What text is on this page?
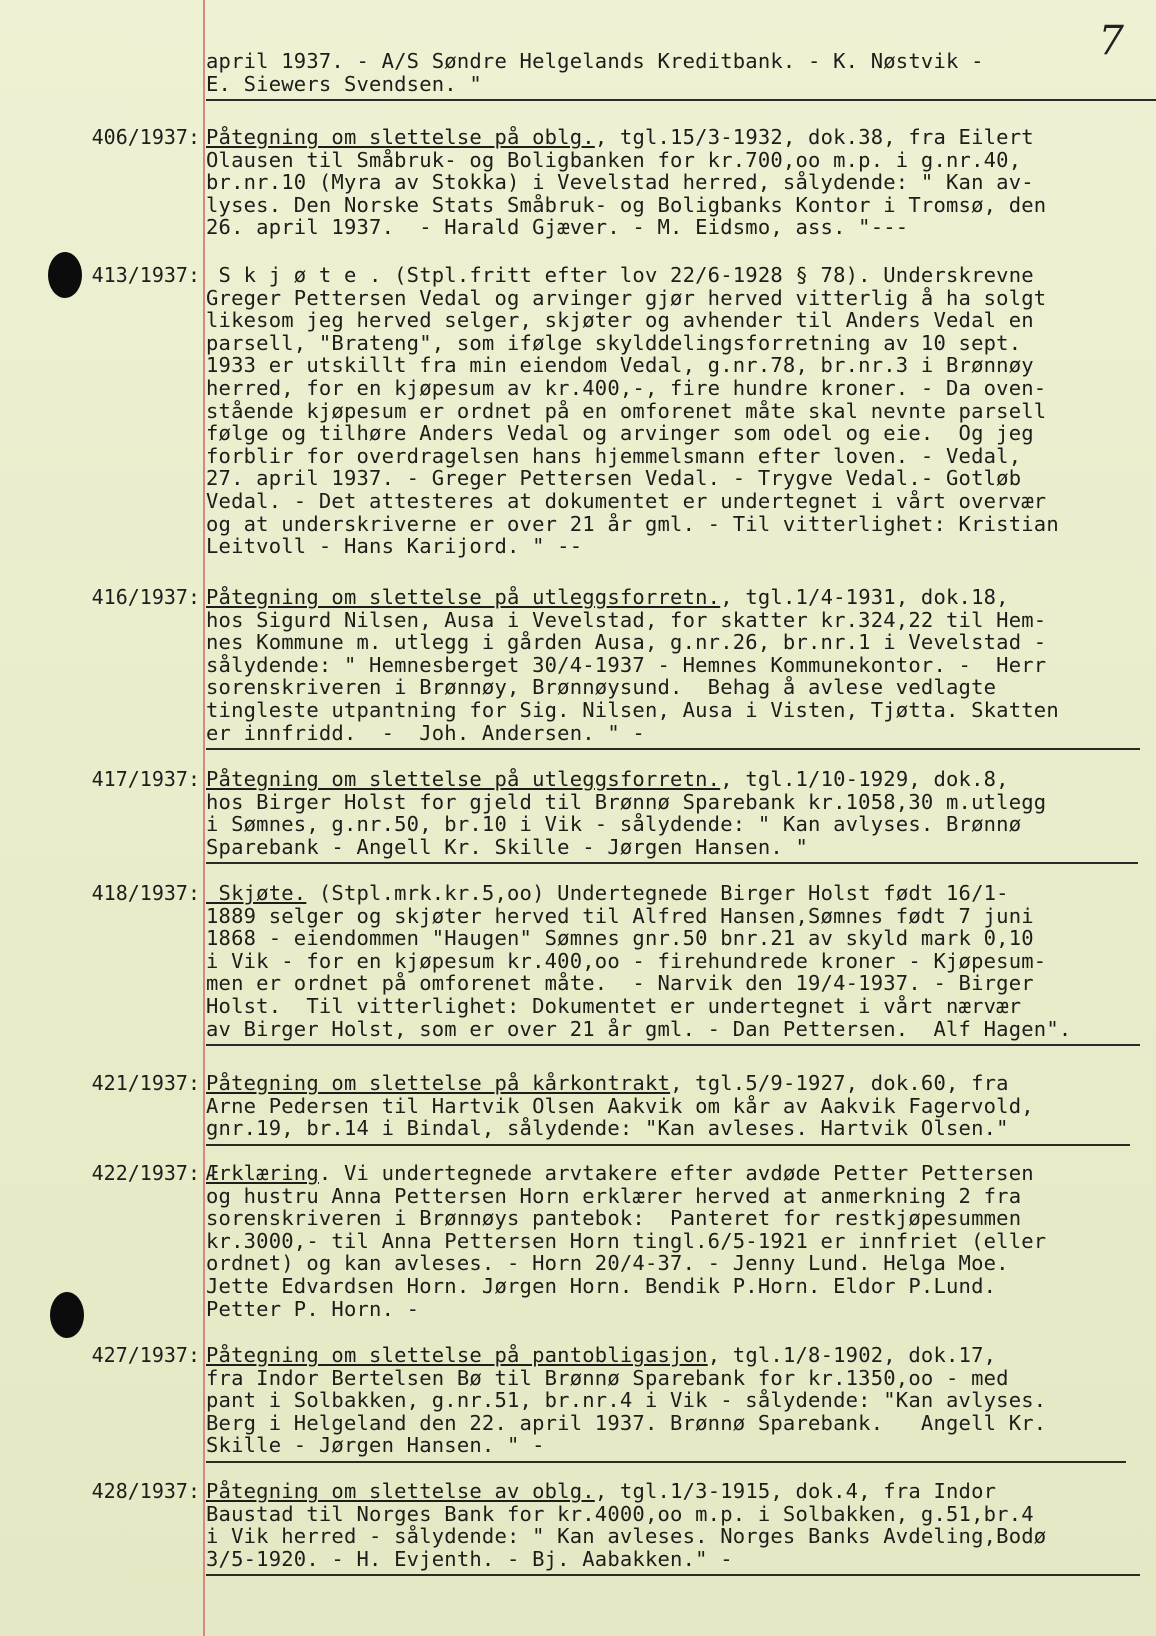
7
april 1937. - A/S Søndre Helgelands Kreditbank. - K. Nøstvik -
E. Siewers Svendsen. "
406/1937: Påtegning om slettelse på oblg., tgl.15/3-1932, dok.38, fra Eilert
Olausen til Småbruk- og Boligbanken for kr.700,oo m.p. i g.nr.40,
br.nr.10 (Myra av Stokka) i Vevelstad herred, sålydende: " Kan av-
lyses. Den Norske Stats Småbruk- og Boligbanks Kontor i Tromsø, den
26. april 1937.  - Harald Gjæver. - M. Eidsmo, ass. "---
413/1937: S k j ø t e . (Stpl.fritt efter lov 22/6-1928 § 78). Underskrevne
Greger Pettersen Vedal og arvinger gjør herved vitterlig å ha solgt
likesom jeg herved selger, skjøter og avhender til Anders Vedal en
parsell, "Brateng", som ifølge skylddelingsforretning av 10 sept.
1933 er utskillt fra min eiendom Vedal, g.nr.78, br.nr.3 i Brønnøy
herred, for en kjøpesum av kr.400,-, fire hundre kroner. - Da oven-
stående kjøpesum er ordnet på en omforenet måte skal nevnte parsell
følge og tilhøre Anders Vedal og arvinger som odel og eie.  Og jeg
forblir for overdragelsen hans hjemmelsmann efter loven. - Vedal,
27. april 1937. - Greger Pettersen Vedal. - Trygve Vedal.- Gotløb
Vedal. - Det attesteres at dokumentet er undertegnet i vårt overvær
og at underskriverne er over 21 år gml. - Til vitterlighet: Kristian
Leitvoll - Hans Karijord. " --
416/1937: Påtegning om slettelse på utleggsforretn., tgl.1/4-1931, dok.18,
hos Sigurd Nilsen, Ausa i Vevelstad, for skatter kr.324,22 til Hem-
nes Kommune m. utlegg i gården Ausa, g.nr.26, br.nr.1 i Vevelstad -
sålydende: " Hemnesberget 30/4-1937 - Hemnes Kommunekontor. -  Herr
sorenskriveren i Brønnøy, Brønnøysund.  Behag å avlese vedlagte
tingleste utpantning for Sig. Nilsen, Ausa i Visten, Tjøtta. Skatten
er innfridd.  -  Joh. Andersen. " -
417/1937: Påtegning om slettelse på utleggsforretn., tgl.1/10-1929, dok.8,
hos Birger Holst for gjeld til Brønnø Sparebank kr.1058,30 m.utlegg
i Sømnes, g.nr.50, br.10 i Vik - sålydende: " Kan avlyses. Brønnø
Sparebank - Angell Kr. Skille - Jørgen Hansen. "
418/1937: Skjøte. (Stpl.mrk.kr.5,oo) Undertegnede Birger Holst født 16/1-
1889 selger og skjøter herved til Alfred Hansen,Sømnes født 7 juni
1868 - eiendommen "Haugen" Sømnes gnr.50 bnr.21 av skyld mark 0,10
i Vik - for en kjøpesum kr.400,oo - firehundrede kroner - Kjøpesum-
men er ordnet på omforenet måte.  - Narvik den 19/4-1937. - Birger
Holst.  Til vitterlighet: Dokumentet er undertegnet i vårt nærvær
av Birger Holst, som er over 21 år gml. - Dan Pettersen.  Alf Hagen".
421/1937: Påtegning om slettelse på kårkontrakt, tgl.5/9-1927, dok.60, fra
Arne Pedersen til Hartvik Olsen Aakvik om kår av Aakvik Fagervold,
gnr.19, br.14 i Bindal, sålydende: "Kan avleses. Hartvik Olsen."
422/1937: Ærklæring. Vi undertegnede arvtakere efter avdøde Petter Pettersen
og hustru Anna Pettersen Horn erklærer herved at anmerkning 2 fra
sorenskriveren i Brønnøys pantebok:  Panteret for restkjøpesummen
kr.3000,- til Anna Pettersen Horn tingl.6/5-1921 er innfriet (eller
ordnet) og kan avleses. - Horn 20/4-37. - Jenny Lund. Helga Moe.
Jette Edvardsen Horn. Jørgen Horn. Bendik P.Horn. Eldor P.Lund.
Petter P. Horn. -
427/1937: Påtegning om slettelse på pantobligasjon, tgl.1/8-1902, dok.17,
fra Indor Bertelsen Bø til Brønnø Sparebank for kr.1350,oo - med
pant i Solbakken, g.nr.51, br.nr.4 i Vik - sålydende: "Kan avlyses.
Berg i Helgeland den 22. april 1937. Brønnø Sparebank.   Angell Kr.
Skille - Jørgen Hansen. " -
428/1937: Påtegning om slettelse av oblg., tgl.1/3-1915, dok.4, fra Indor
Baustad til Norges Bank for kr.4000,oo m.p. i Solbakken, g.51,br.4
i Vik herred - sålydende: " Kan avleses. Norges Banks Avdeling,Bodø
3/5-1920. - H. Evjenth. - Bj. Aabakken." -
